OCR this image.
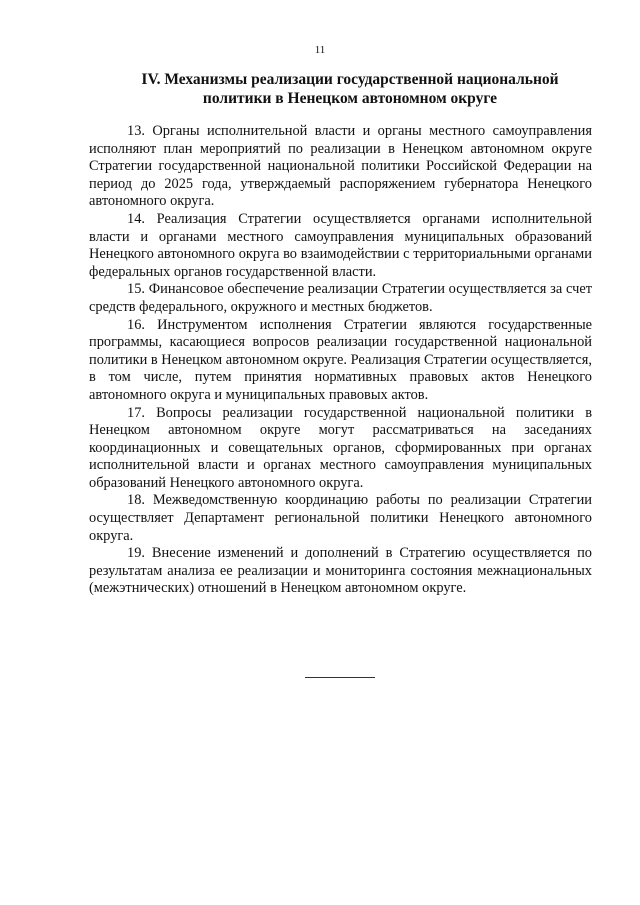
11
IV. Механизмы реализации государственной национальной
политики в Ненецком автономном округе

13. Органы исполнительной власти и органы местного самоуправления исполняют план мероприятий по реализации в Ненецком автономном округе Стратегии государственной национальной политики Российской Федерации на период до 2025 года, утверждаемый распоряжением губернатора Ненецкого автономного округа.

14. Реализация Стратегии осуществляется органами исполнительной власти и органами местного самоуправления муниципальных образований Ненецкого автономного округа во взаимодействии с территориальными органами федеральных органов государственной власти.

15. Финансовое обеспечение реализации Стратегии осуществляется за счет средств федерального, окружного и местных бюджетов.

16. Инструментом исполнения Стратегии являются государственные программы, касающиеся вопросов реализации государственной национальной политики в Ненецком автономном округе. Реализация Стратегии осуществляется, в том числе, путем принятия нормативных правовых актов Ненецкого автономного округа и муниципальных правовых актов.

17. Вопросы реализации государственной национальной политики в Ненецком автономном округе могут рассматриваться на заседаниях координационных и совещательных органов, сформированных при органах исполнительной власти и органах местного самоуправления муниципальных образований Ненецкого автономного округа.

18. Межведомственную координацию работы по реализации Стратегии осуществляет Департамент региональной политики Ненецкого автономного округа.

19. Внесение изменений и дополнений в Стратегию осуществляется по результатам анализа ее реализации и мониторинга состояния межнациональных (межэтнических) отношений в Ненецком автономном округе.
